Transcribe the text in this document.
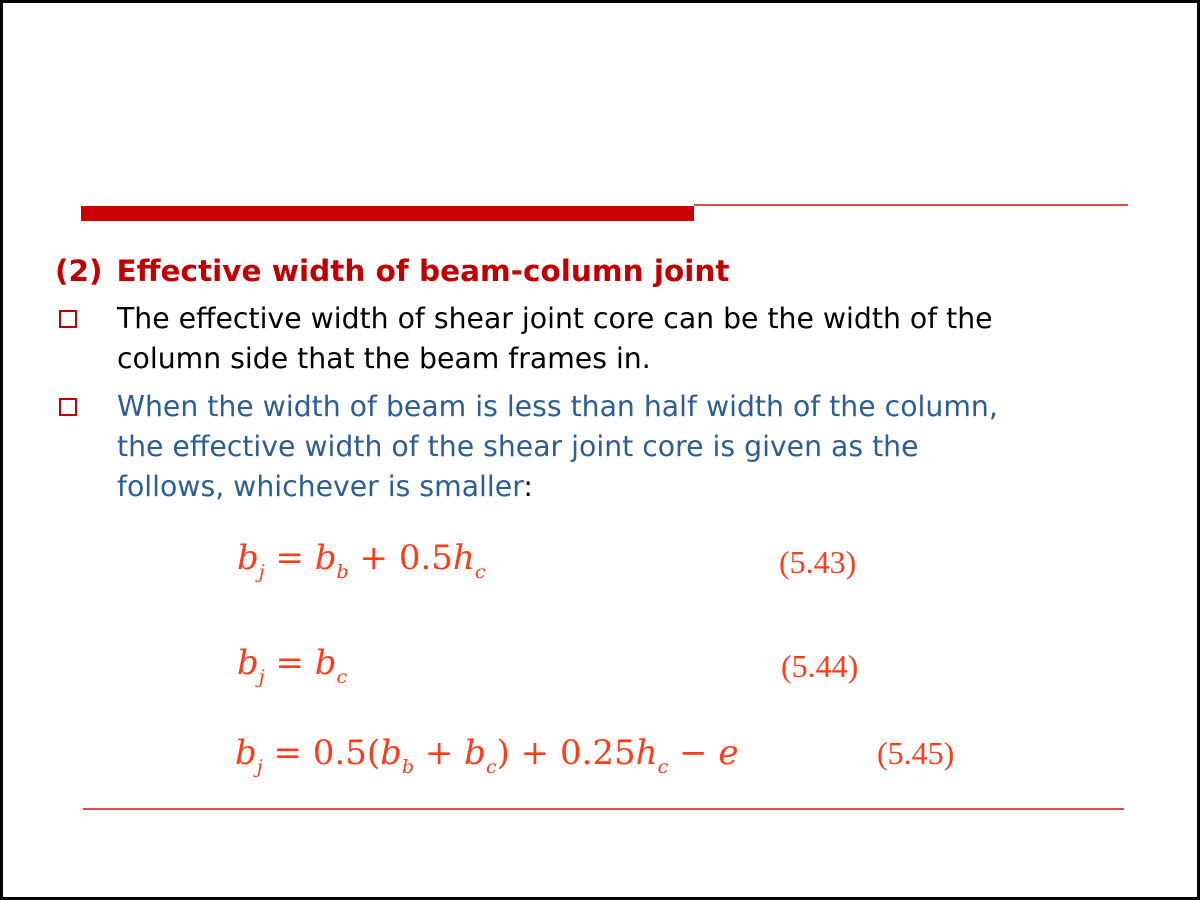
(2) Effective width of beam-column joint

The effective width of shear joint core can be the width of the
column side that the beam frames in.

When the width of beam is less than half width of the column,
the effective width of the shear joint core is given as the
follows, whichever is smaller:

$b_j = b_b + 0.5h_c$	(5.43)
$b_j = b_c$	(5.44)
$b_j = 0.5(b_b + b_c) + 0.25h_c - e$	(5.45)
